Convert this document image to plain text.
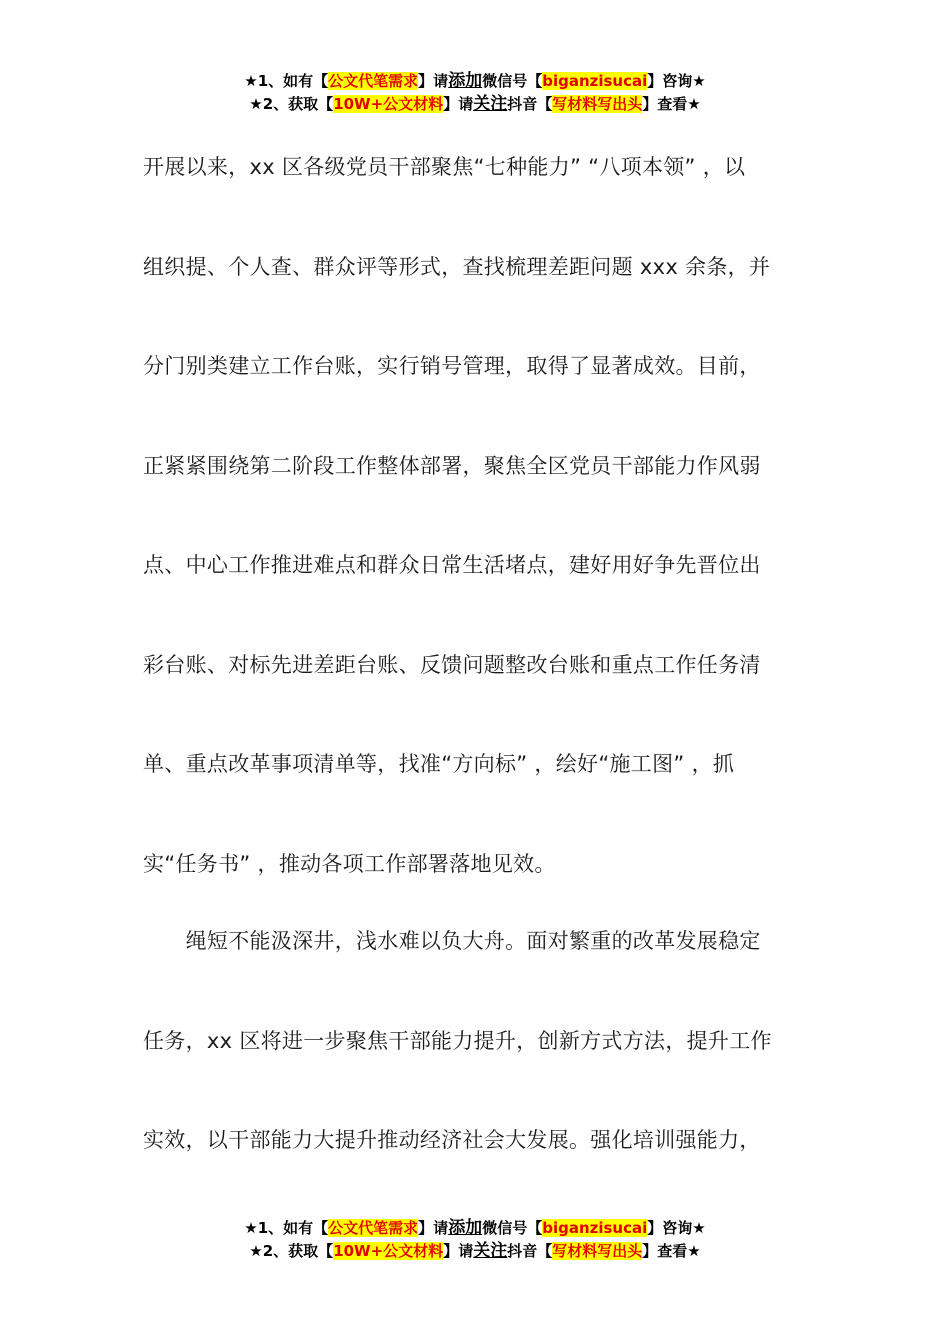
★1、如有【公文代笔需求】请添加微信号【biganzisucai】咨询★
★2、获取【10W+公文材料】请关注抖音【写材料写出头】查看★

开展以来，xx 区各级党员干部聚焦“七种能力” “八项本领” ，以
组织提、个人查、群众评等形式，查找梳理差距问题 xxx 余条，并
分门别类建立工作台账，实行销号管理，取得了显著成效。目前，
正紧紧围绕第二阶段工作整体部署，聚焦全区党员干部能力作风弱
点、中心工作推进难点和群众日常生活堵点，建好用好争先晋位出
彩台账、对标先进差距台账、反馈问题整改台账和重点工作任务清
单、重点改革事项清单等，找准“方向标” ，绘好“施工图” ，抓
实“任务书” ，推动各项工作部署落地见效。

　　绳短不能汲深井，浅水难以负大舟。面对繁重的改革发展稳定
任务，xx 区将进一步聚焦干部能力提升，创新方式方法，提升工作
实效，以干部能力大提升推动经济社会大发展。强化培训强能力，

★1、如有【公文代笔需求】请添加微信号【biganzisucai】咨询★
★2、获取【10W+公文材料】请关注抖音【写材料写出头】查看★
